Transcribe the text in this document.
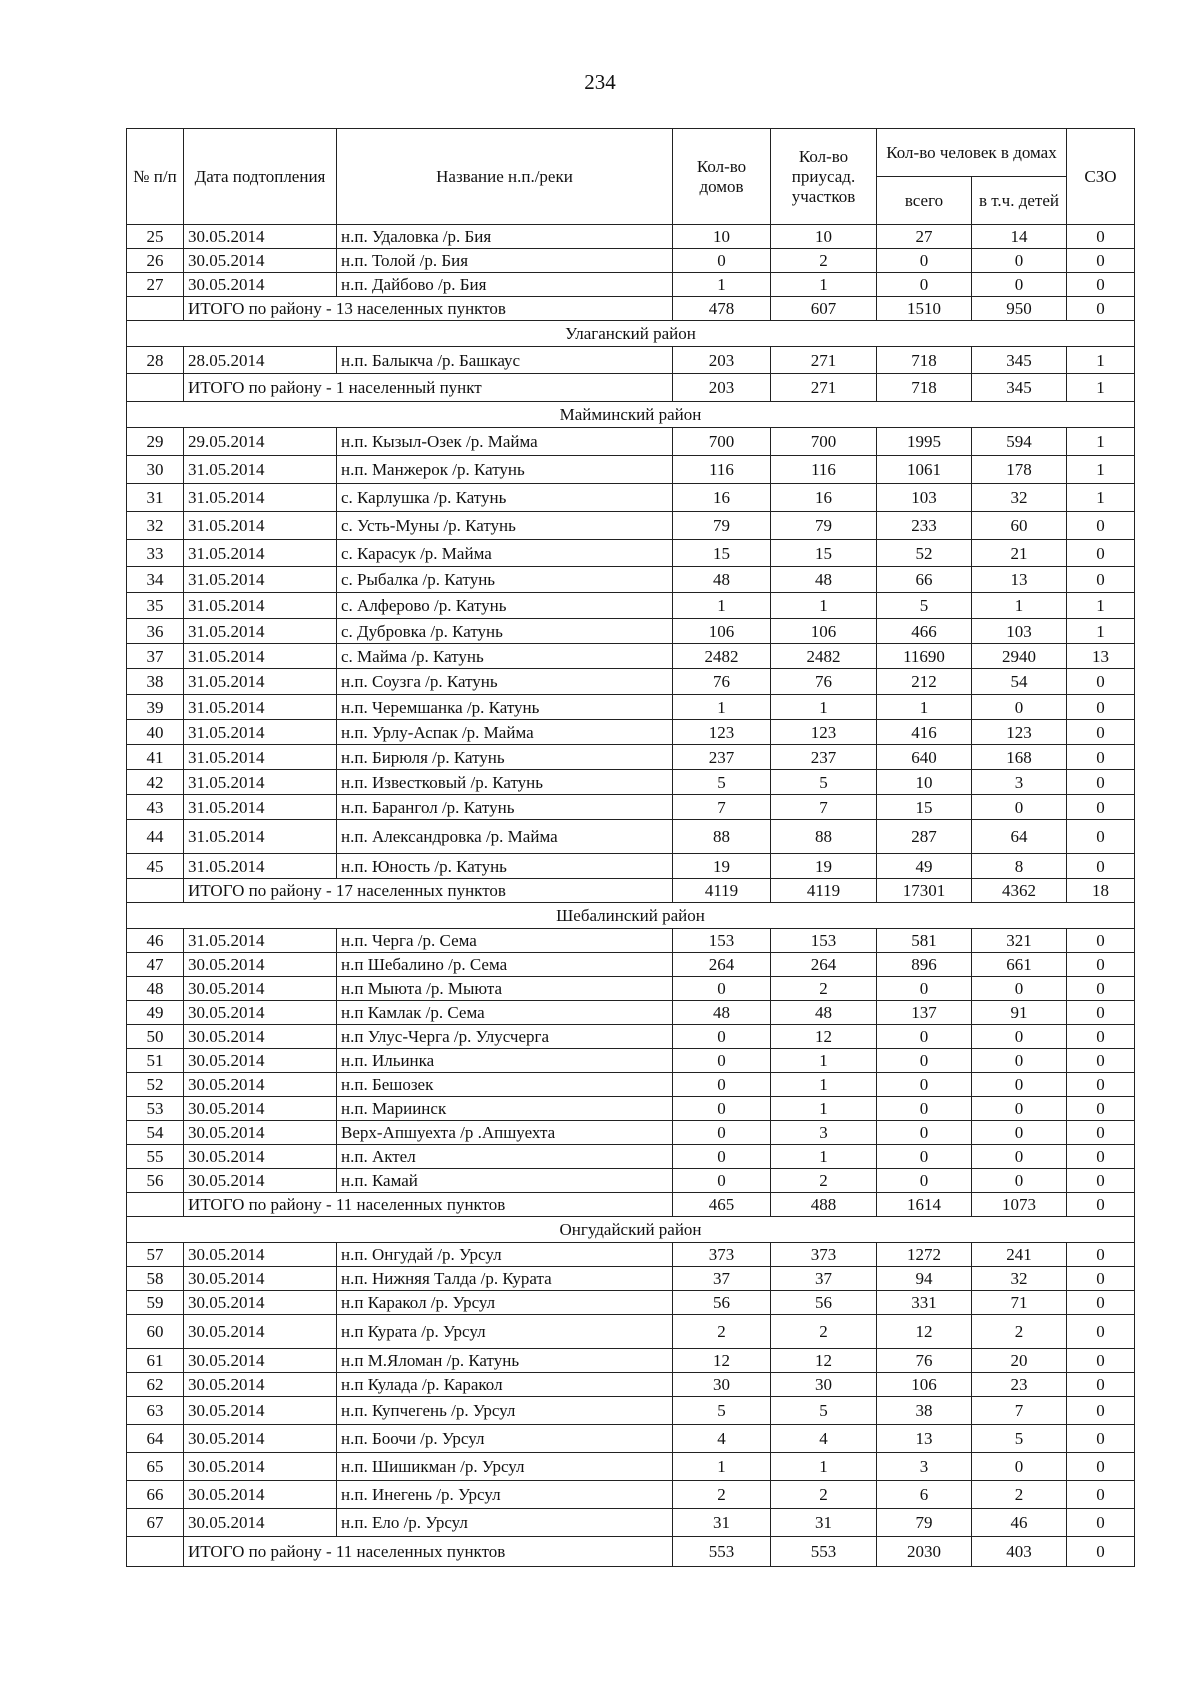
234
№ п/п	Дата подтопления	Название н.п./реки	Кол-во домов	Кол-во приусад. участков	Кол-во человек в домах		СЗО
					всего	в т.ч. детей	
25	30.05.2014	н.п. Удаловка /р. Бия	10	10	27	14	0
26	30.05.2014	н.п. Толой /р. Бия	0	2	0	0	0
27	30.05.2014	н.п. Дайбово /р. Бия	1	1	0	0	0
	ИТОГО по району - 13 населенных пунктов		478	607	1510	950	0
Улаганский район							
28	28.05.2014	н.п. Балыкча /р. Башкаус	203	271	718	345	1
	ИТОГО по району - 1 населенный пункт		203	271	718	345	1
Майминский район							
29	29.05.2014	н.п. Кызыл-Озек /р. Майма	700	700	1995	594	1
30	31.05.2014	н.п. Манжерок /р. Катунь	116	116	1061	178	1
31	31.05.2014	с. Карлушка /р. Катунь	16	16	103	32	1
32	31.05.2014	с. Усть-Муны /р. Катунь	79	79	233	60	0
33	31.05.2014	с. Карасук /р. Майма	15	15	52	21	0
34	31.05.2014	с. Рыбалка /р. Катунь	48	48	66	13	0
35	31.05.2014	с. Алферово /р. Катунь	1	1	5	1	1
36	31.05.2014	с. Дубровка /р. Катунь	106	106	466	103	1
37	31.05.2014	с. Майма /р. Катунь	2482	2482	11690	2940	13
38	31.05.2014	н.п. Соузга /р. Катунь	76	76	212	54	0
39	31.05.2014	н.п. Черемшанка /р. Катунь	1	1	1	0	0
40	31.05.2014	н.п. Урлу-Аспак /р. Майма	123	123	416	123	0
41	31.05.2014	н.п. Бирюля /р. Катунь	237	237	640	168	0
42	31.05.2014	н.п. Известковый /р. Катунь	5	5	10	3	0
43	31.05.2014	н.п. Барангол /р. Катунь	7	7	15	0	0
44	31.05.2014	н.п. Александровка /р. Майма	88	88	287	64	0
45	31.05.2014	н.п. Юность /р. Катунь	19	19	49	8	0
	ИТОГО по району - 17 населенных пунктов		4119	4119	17301	4362	18
Шебалинский район							
46	31.05.2014	н.п. Черга /р. Сема	153	153	581	321	0
47	30.05.2014	н.п Шебалино /р. Сема	264	264	896	661	0
48	30.05.2014	н.п Мыюта /р. Мыюта	0	2	0	0	0
49	30.05.2014	н.п Камлак /р. Сема	48	48	137	91	0
50	30.05.2014	н.п Улус-Черга /р. Улусчерга	0	12	0	0	0
51	30.05.2014	н.п. Ильинка	0	1	0	0	0
52	30.05.2014	н.п. Бешозек	0	1	0	0	0
53	30.05.2014	н.п. Мариинск	0	1	0	0	0
54	30.05.2014	Верх-Апшуехта /р .Апшуехта	0	3	0	0	0
55	30.05.2014	н.п. Актел	0	1	0	0	0
56	30.05.2014	н.п. Камай	0	2	0	0	0
	ИТОГО по району - 11 населенных пунктов		465	488	1614	1073	0
Онгудайский район							
57	30.05.2014	н.п. Онгудай /р. Урсул	373	373	1272	241	0
58	30.05.2014	н.п. Нижняя Талда /р. Курата	37	37	94	32	0
59	30.05.2014	н.п Каракол /р. Урсул	56	56	331	71	0
60	30.05.2014	н.п Курата /р. Урсул	2	2	12	2	0
61	30.05.2014	н.п М.Яломан /р. Катунь	12	12	76	20	0
62	30.05.2014	н.п Кулада /р. Каракол	30	30	106	23	0
63	30.05.2014	н.п. Купчегень /р. Урсул	5	5	38	7	0
64	30.05.2014	н.п. Боочи /р. Урсул	4	4	13	5	0
65	30.05.2014	н.п. Шишикман /р. Урсул	1	1	3	0	0
66	30.05.2014	н.п. Инегень /р. Урсул	2	2	6	2	0
67	30.05.2014	н.п. Ело /р. Урсул	31	31	79	46	0
	ИТОГО по району - 11 населенных пунктов		553	553	2030	403	0
